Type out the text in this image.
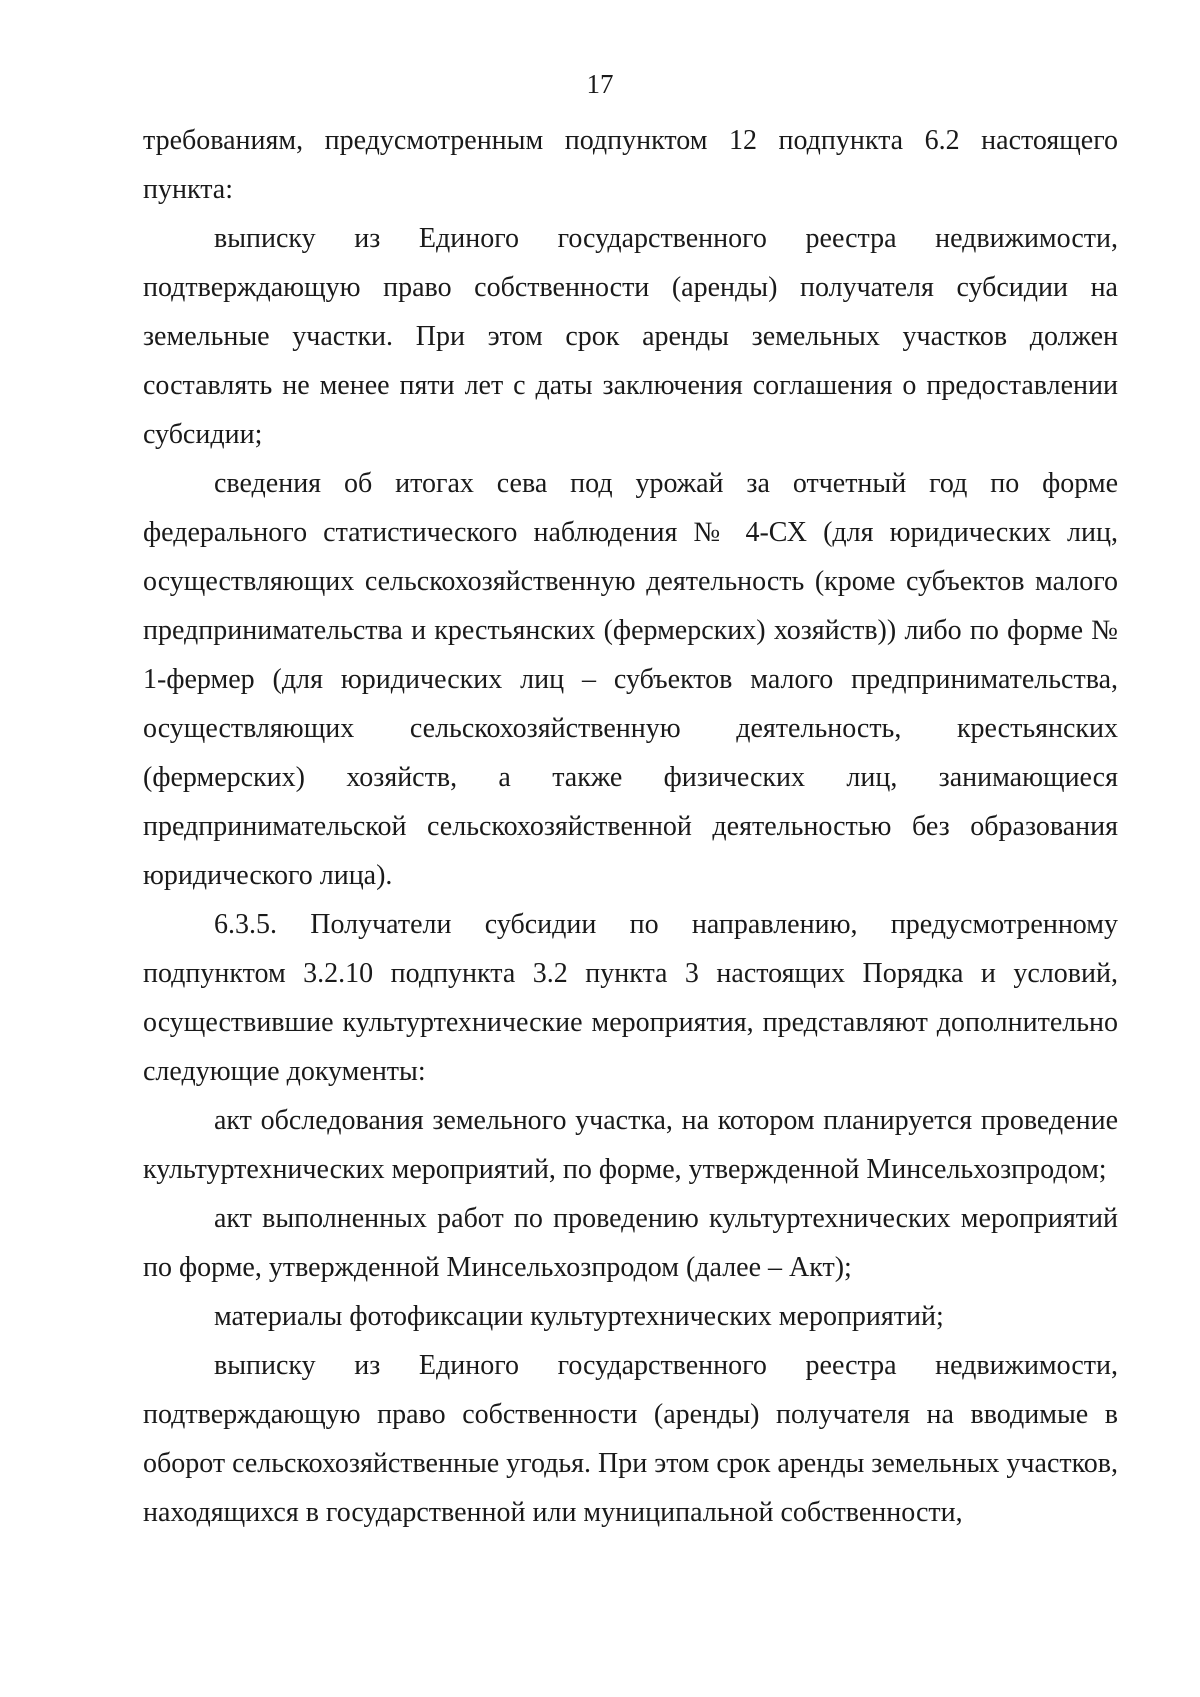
17

требованиям, предусмотренным подпунктом 12 подпункта 6.2 настоящего пункта:

выписку из Единого государственного реестра недвижимости, подтверждающую право собственности (аренды) получателя субсидии на земельные участки. При этом срок аренды земельных участков должен составлять не менее пяти лет с даты заключения соглашения о предоставлении субсидии;

сведения об итогах сева под урожай за отчетный год по форме федерального статистического наблюдения № 4-СХ (для юридических лиц, осуществляющих сельскохозяйственную деятельность (кроме субъектов малого предпринимательства и крестьянских (фермерских) хозяйств)) либо по форме № 1-фермер (для юридических лиц – субъектов малого предпринимательства, осуществляющих сельскохозяйственную деятельность, крестьянских (фермерских) хозяйств, а также физических лиц, занимающиеся предпринимательской сельскохозяйственной деятельностью без образования юридического лица).

6.3.5. Получатели субсидии по направлению, предусмотренному подпунктом 3.2.10 подпункта 3.2 пункта 3 настоящих Порядка и условий, осуществившие культуртехнические мероприятия, представляют дополнительно следующие документы:

акт обследования земельного участка, на котором планируется проведение культуртехнических мероприятий, по форме, утвержденной Минсельхозпродом;

акт выполненных работ по проведению культуртехнических мероприятий по форме, утвержденной Минсельхозпродом (далее – Акт);

материалы фотофиксации культуртехнических мероприятий;

выписку из Единого государственного реестра недвижимости, подтверждающую право собственности (аренды) получателя на вводимые в оборот сельскохозяйственные угодья. При этом срок аренды земельных участков, находящихся в государственной или муниципальной собственности,
